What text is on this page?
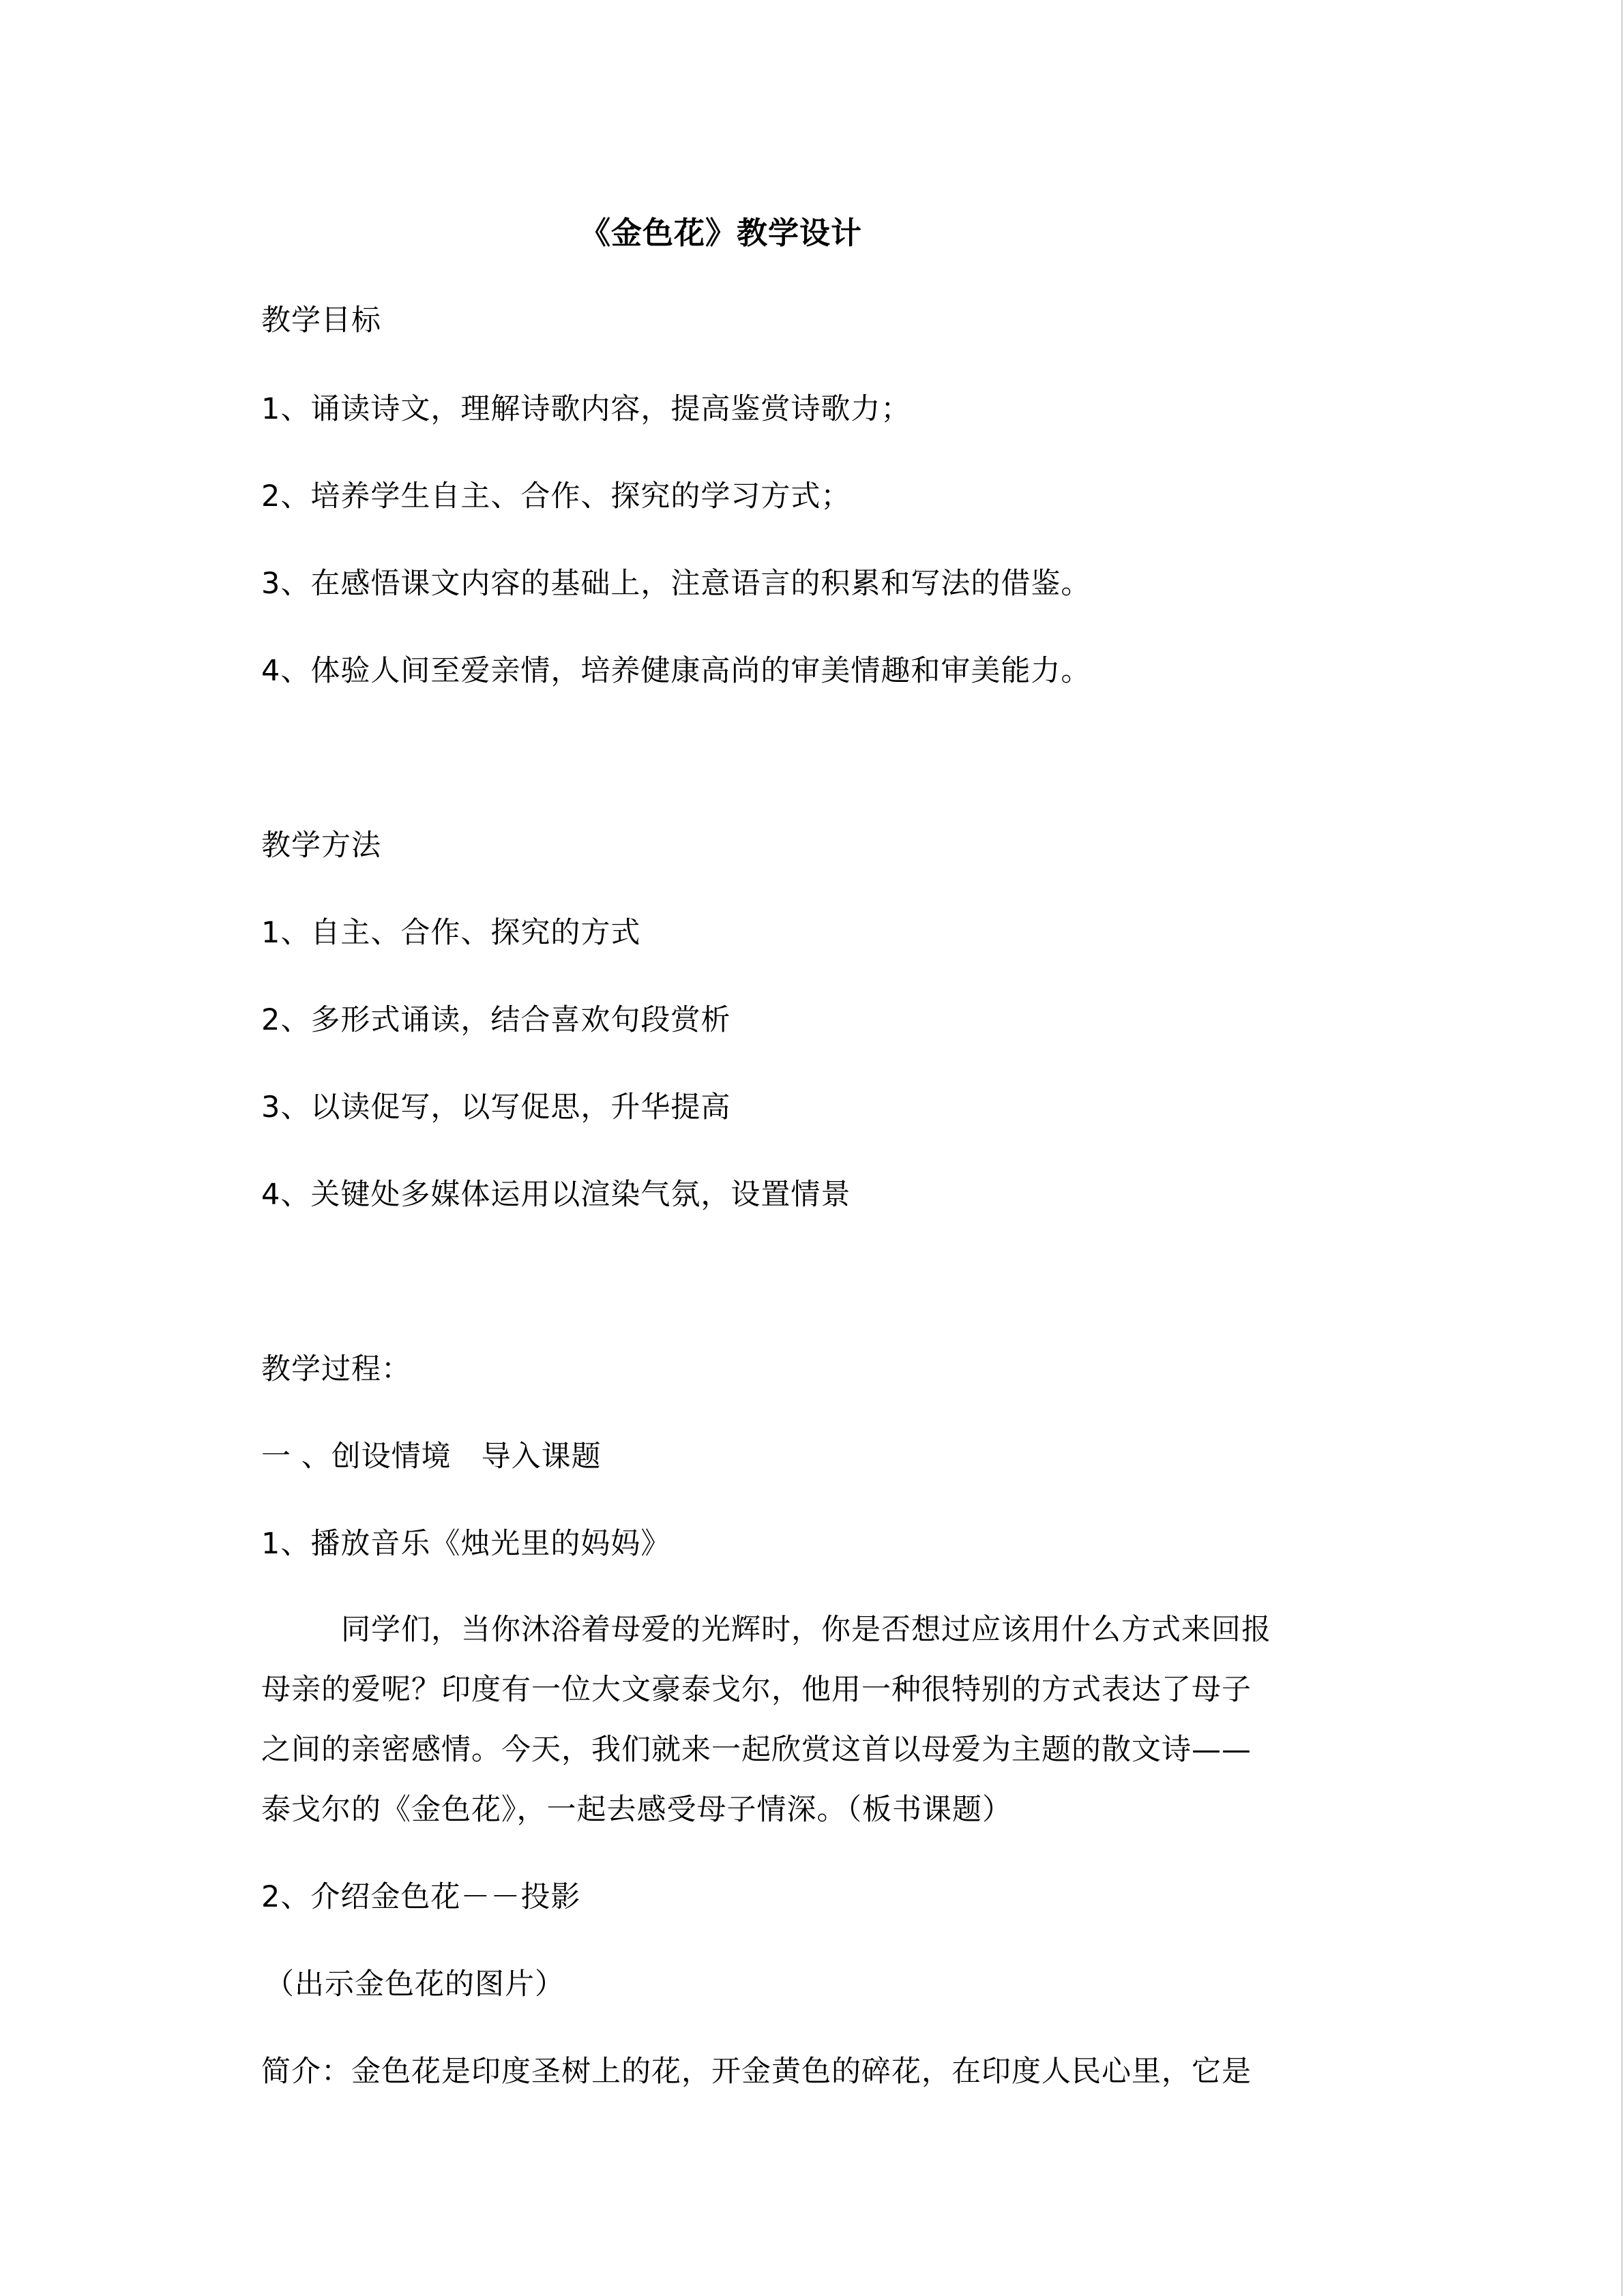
《金色花》教学设计
教学目标
1、诵读诗文，理解诗歌内容，提高鉴赏诗歌力；
2、培养学生自主、合作、探究的学习方式；
3、在感悟课文内容的基础上，注意语言的积累和写法的借鉴。
4、体验人间至爱亲情，培养健康高尚的审美情趣和审美能力。
教学方法
1、自主、合作、探究的方式
2、多形式诵读，结合喜欢句段赏析
3、以读促写，以写促思，升华提高
4、关键处多媒体运用以渲染气氛，设置情景
教学过程：
一 、创设情境　导入课题
1、播放音乐《烛光里的妈妈》
同学们，当你沐浴着母爱的光辉时，你是否想过应该用什么方式来回报
母亲的爱呢？印度有一位大文豪泰戈尔，他用一种很特别的方式表达了母子
之间的亲密感情。今天，我们就来一起欣赏这首以母爱为主题的散文诗——
泰戈尔的《金色花》，一起去感受母子情深。（板书课题）
2、介绍金色花－－投影
（出示金色花的图片）
简介：金色花是印度圣树上的花，开金黄色的碎花，在印度人民心里，它是
